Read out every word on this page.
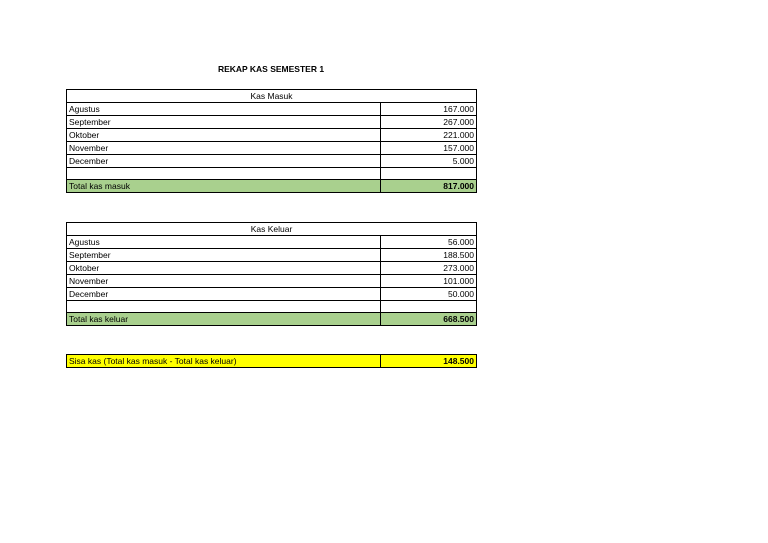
REKAP KAS SEMESTER 1
Kas Masuk	
Agustus	167.000
September	267.000
Oktober	221.000
November	157.000
December	5.000

Total kas masuk	817.000
Kas Keluar	
Agustus	56.000
September	188.500
Oktober	273.000
November	101.000
December	50.000

Total kas keluar	668.500
Sisa kas (Total kas masuk - Total kas keluar)	148.500
